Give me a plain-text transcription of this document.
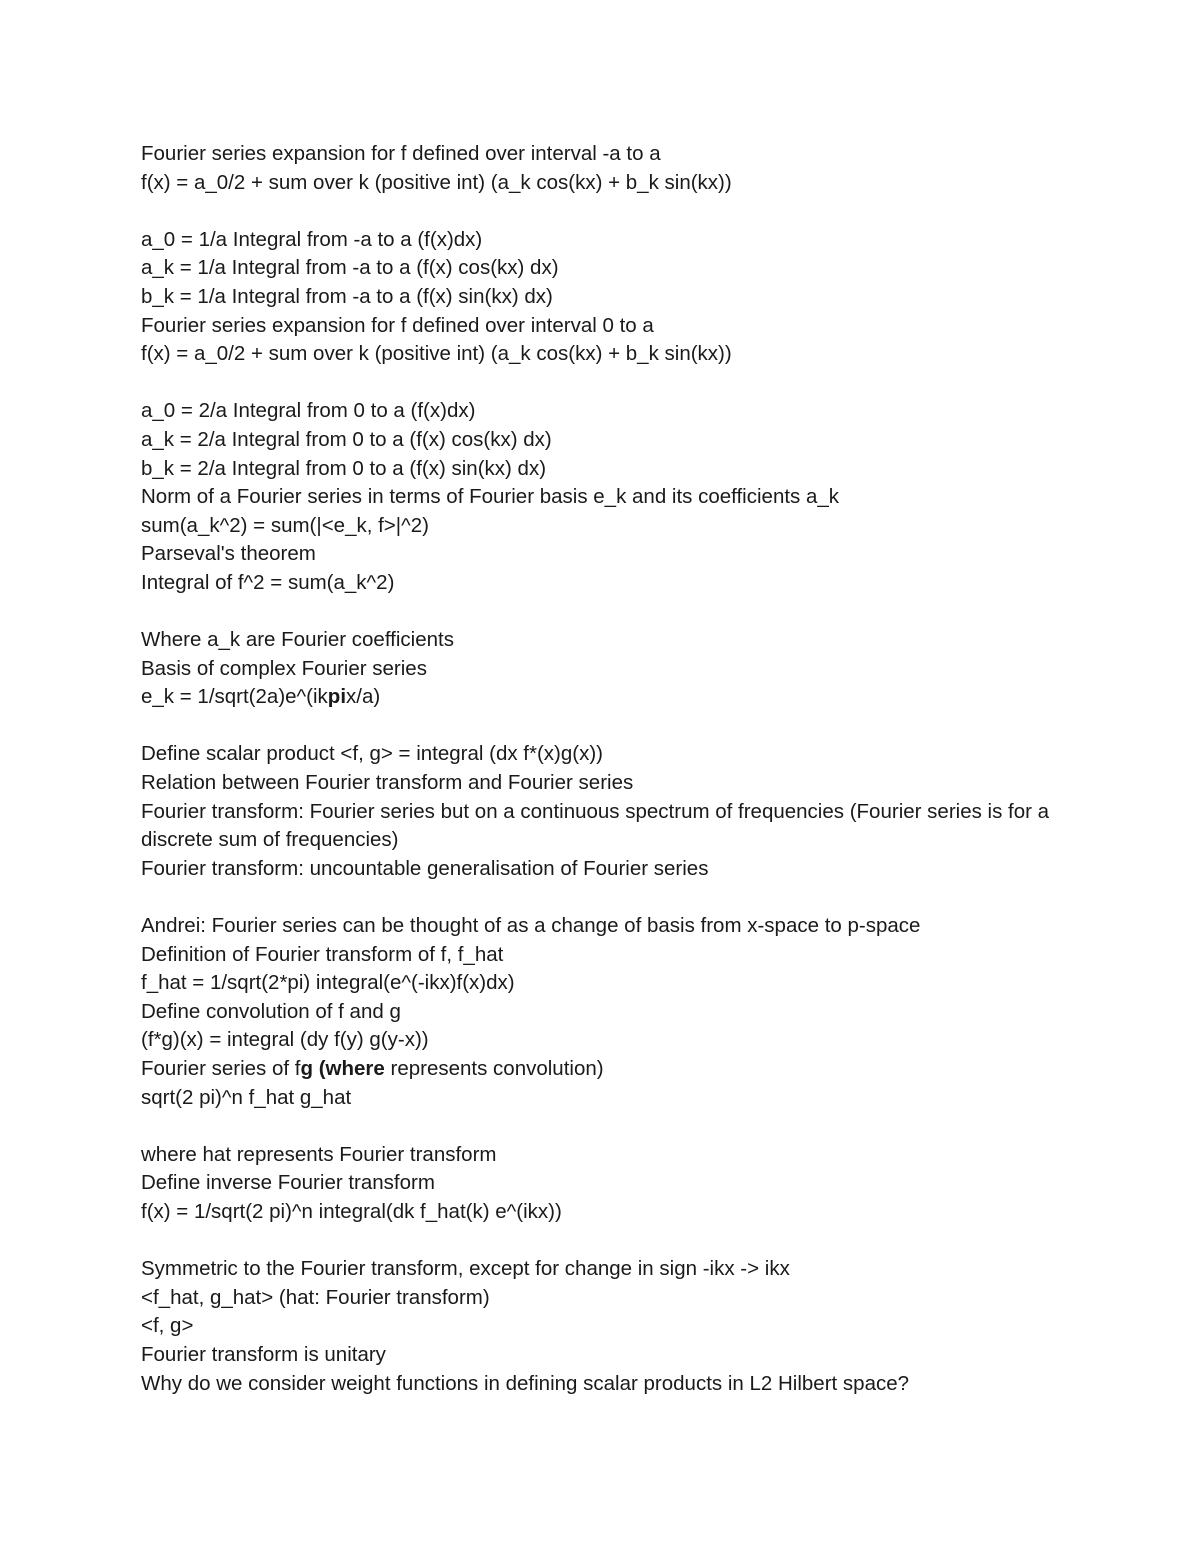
Fourier series expansion for f defined over interval -a to a

f(x) = a_0/2 + sum over k (positive int) (a_k cos(kx) + b_k sin(kx))

a_0 = 1/a Integral from -a to a (f(x)dx)

a_k = 1/a Integral from -a to a (f(x) cos(kx) dx)

b_k = 1/a Integral from -a to a (f(x) sin(kx) dx)

Fourier series expansion for f defined over interval 0 to a

f(x) = a_0/2 + sum over k (positive int) (a_k cos(kx) + b_k sin(kx))

a_0 = 2/a Integral from 0 to a (f(x)dx)

a_k = 2/a Integral from 0 to a (f(x) cos(kx) dx)

b_k = 2/a Integral from 0 to a (f(x) sin(kx) dx)

Norm of a Fourier series in terms of Fourier basis e_k and its coefficients a_k

sum(a_k^2) = sum(|<e_k, f>|^2)

Parseval's theorem

Integral of f^2 = sum(a_k^2)

Where a_k are Fourier coefficients

Basis of complex Fourier series

e_k = 1/sqrt(2a)e^(ikpix/a)

Define scalar product <f, g> = integral (dx f*(x)g(x))

Relation between Fourier transform and Fourier series

Fourier transform: Fourier series but on a continuous spectrum of frequencies (Fourier series is for a discrete sum of frequencies)

Fourier transform: uncountable generalisation of Fourier series

Andrei: Fourier series can be thought of as a change of basis from x-space to p-space

Definition of Fourier transform of f, f_hat

f_hat = 1/sqrt(2*pi) integral(e^(-ikx)f(x)dx)

Define convolution of f and g

(f*g)(x) = integral (dy f(y) g(y-x))

Fourier series of fg (where represents convolution)

sqrt(2 pi)^n f_hat g_hat

where hat represents Fourier transform

Define inverse Fourier transform

f(x) = 1/sqrt(2 pi)^n integral(dk f_hat(k) e^(ikx))

Symmetric to the Fourier transform, except for change in sign -ikx -> ikx

<f_hat, g_hat> (hat: Fourier transform)

<f, g>

Fourier transform is unitary

Why do we consider weight functions in defining scalar products in L2 Hilbert space?
